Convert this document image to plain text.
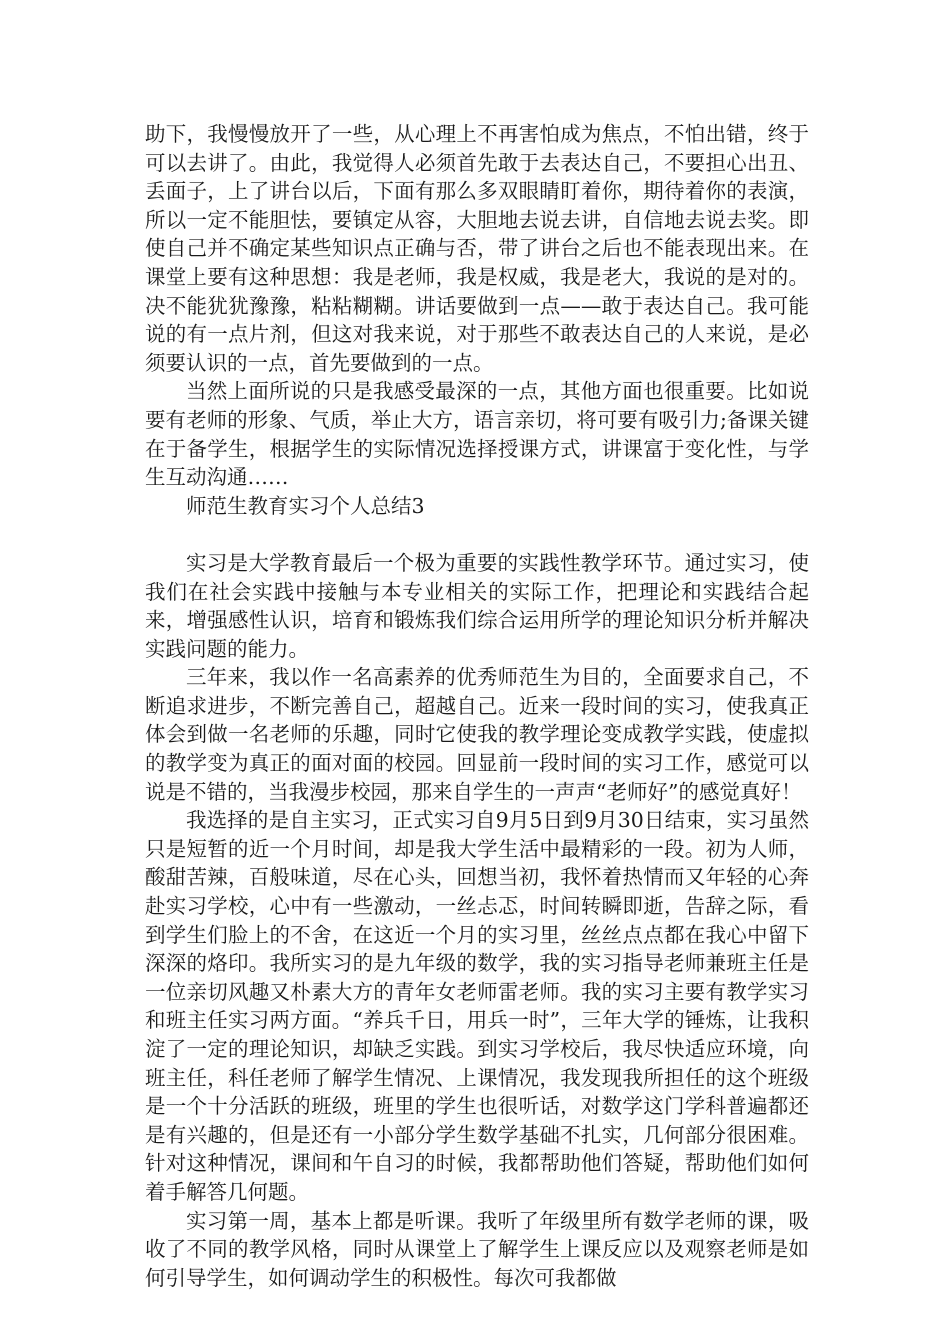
助下，我慢慢放开了一些，从心理上不再害怕成为焦点，不怕出错，终于可以去讲了。由此，我觉得人必须首先敢于去表达自己，不要担心出丑、丢面子，上了讲台以后，下面有那么多双眼睛盯着你，期待着你的表演，所以一定不能胆怯，要镇定从容，大胆地去说去讲，自信地去说去奖。即使自己并不确定某些知识点正确与否，带了讲台之后也不能表现出来。在课堂上要有这种思想：我是老师，我是权威，我是老大，我说的是对的。决不能犹犹豫豫，粘粘糊糊。讲话要做到一点——敢于表达自己。我可能说的有一点片剂，但这对我来说，对于那些不敢表达自己的人来说，是必须要认识的一点，首先要做到的一点。

当然上面所说的只是我感受最深的一点，其他方面也很重要。比如说要有老师的形象、气质，举止大方，语言亲切，将可要有吸引力;备课关键在于备学生，根据学生的实际情况选择授课方式，讲课富于变化性，与学生互动沟通……

师范生教育实习个人总结3

实习是大学教育最后一个极为重要的实践性教学环节。通过实习，使我们在社会实践中接触与本专业相关的实际工作，把理论和实践结合起来，增强感性认识，培育和锻炼我们综合运用所学的理论知识分析并解决实践问题的能力。

三年来，我以作一名高素养的优秀师范生为目的，全面要求自己，不断追求进步，不断完善自己，超越自己。近来一段时间的实习，使我真正体会到做一名老师的乐趣，同时它使我的教学理论变成教学实践，使虚拟的教学变为真正的面对面的校园。回显前一段时间的实习工作，感觉可以说是不错的，当我漫步校园，那来自学生的一声声“老师好”的感觉真好！

我选择的是自主实习，正式实习自9月5日到9月30日结束，实习虽然只是短暂的近一个月时间，却是我大学生活中最精彩的一段。初为人师，酸甜苦辣，百般味道，尽在心头，回想当初，我怀着热情而又年轻的心奔赴实习学校，心中有一些激动，一丝忐忑，时间转瞬即逝，告辞之际，看到学生们脸上的不舍，在这近一个月的实习里，丝丝点点都在我心中留下深深的烙印。我所实习的是九年级的数学，我的实习指导老师兼班主任是一位亲切风趣又朴素大方的青年女老师雷老师。我的实习主要有教学实习和班主任实习两方面。“养兵千日，用兵一时”，三年大学的锤炼，让我积淀了一定的理论知识，却缺乏实践。到实习学校后，我尽快适应环境，向班主任，科任老师了解学生情况、上课情况，我发现我所担任的这个班级是一个十分活跃的班级，班里的学生也很听话，对数学这门学科普遍都还是有兴趣的，但是还有一小部分学生数学基础不扎实，几何部分很困难。针对这种情况，课间和午自习的时候，我都帮助他们答疑，帮助他们如何着手解答几何题。

实习第一周，基本上都是听课。我听了年级里所有数学老师的课，吸收了不同的教学风格，同时从课堂上了解学生上课反应以及观察老师是如何引导学生，如何调动学生的积极性。每次可我都做
